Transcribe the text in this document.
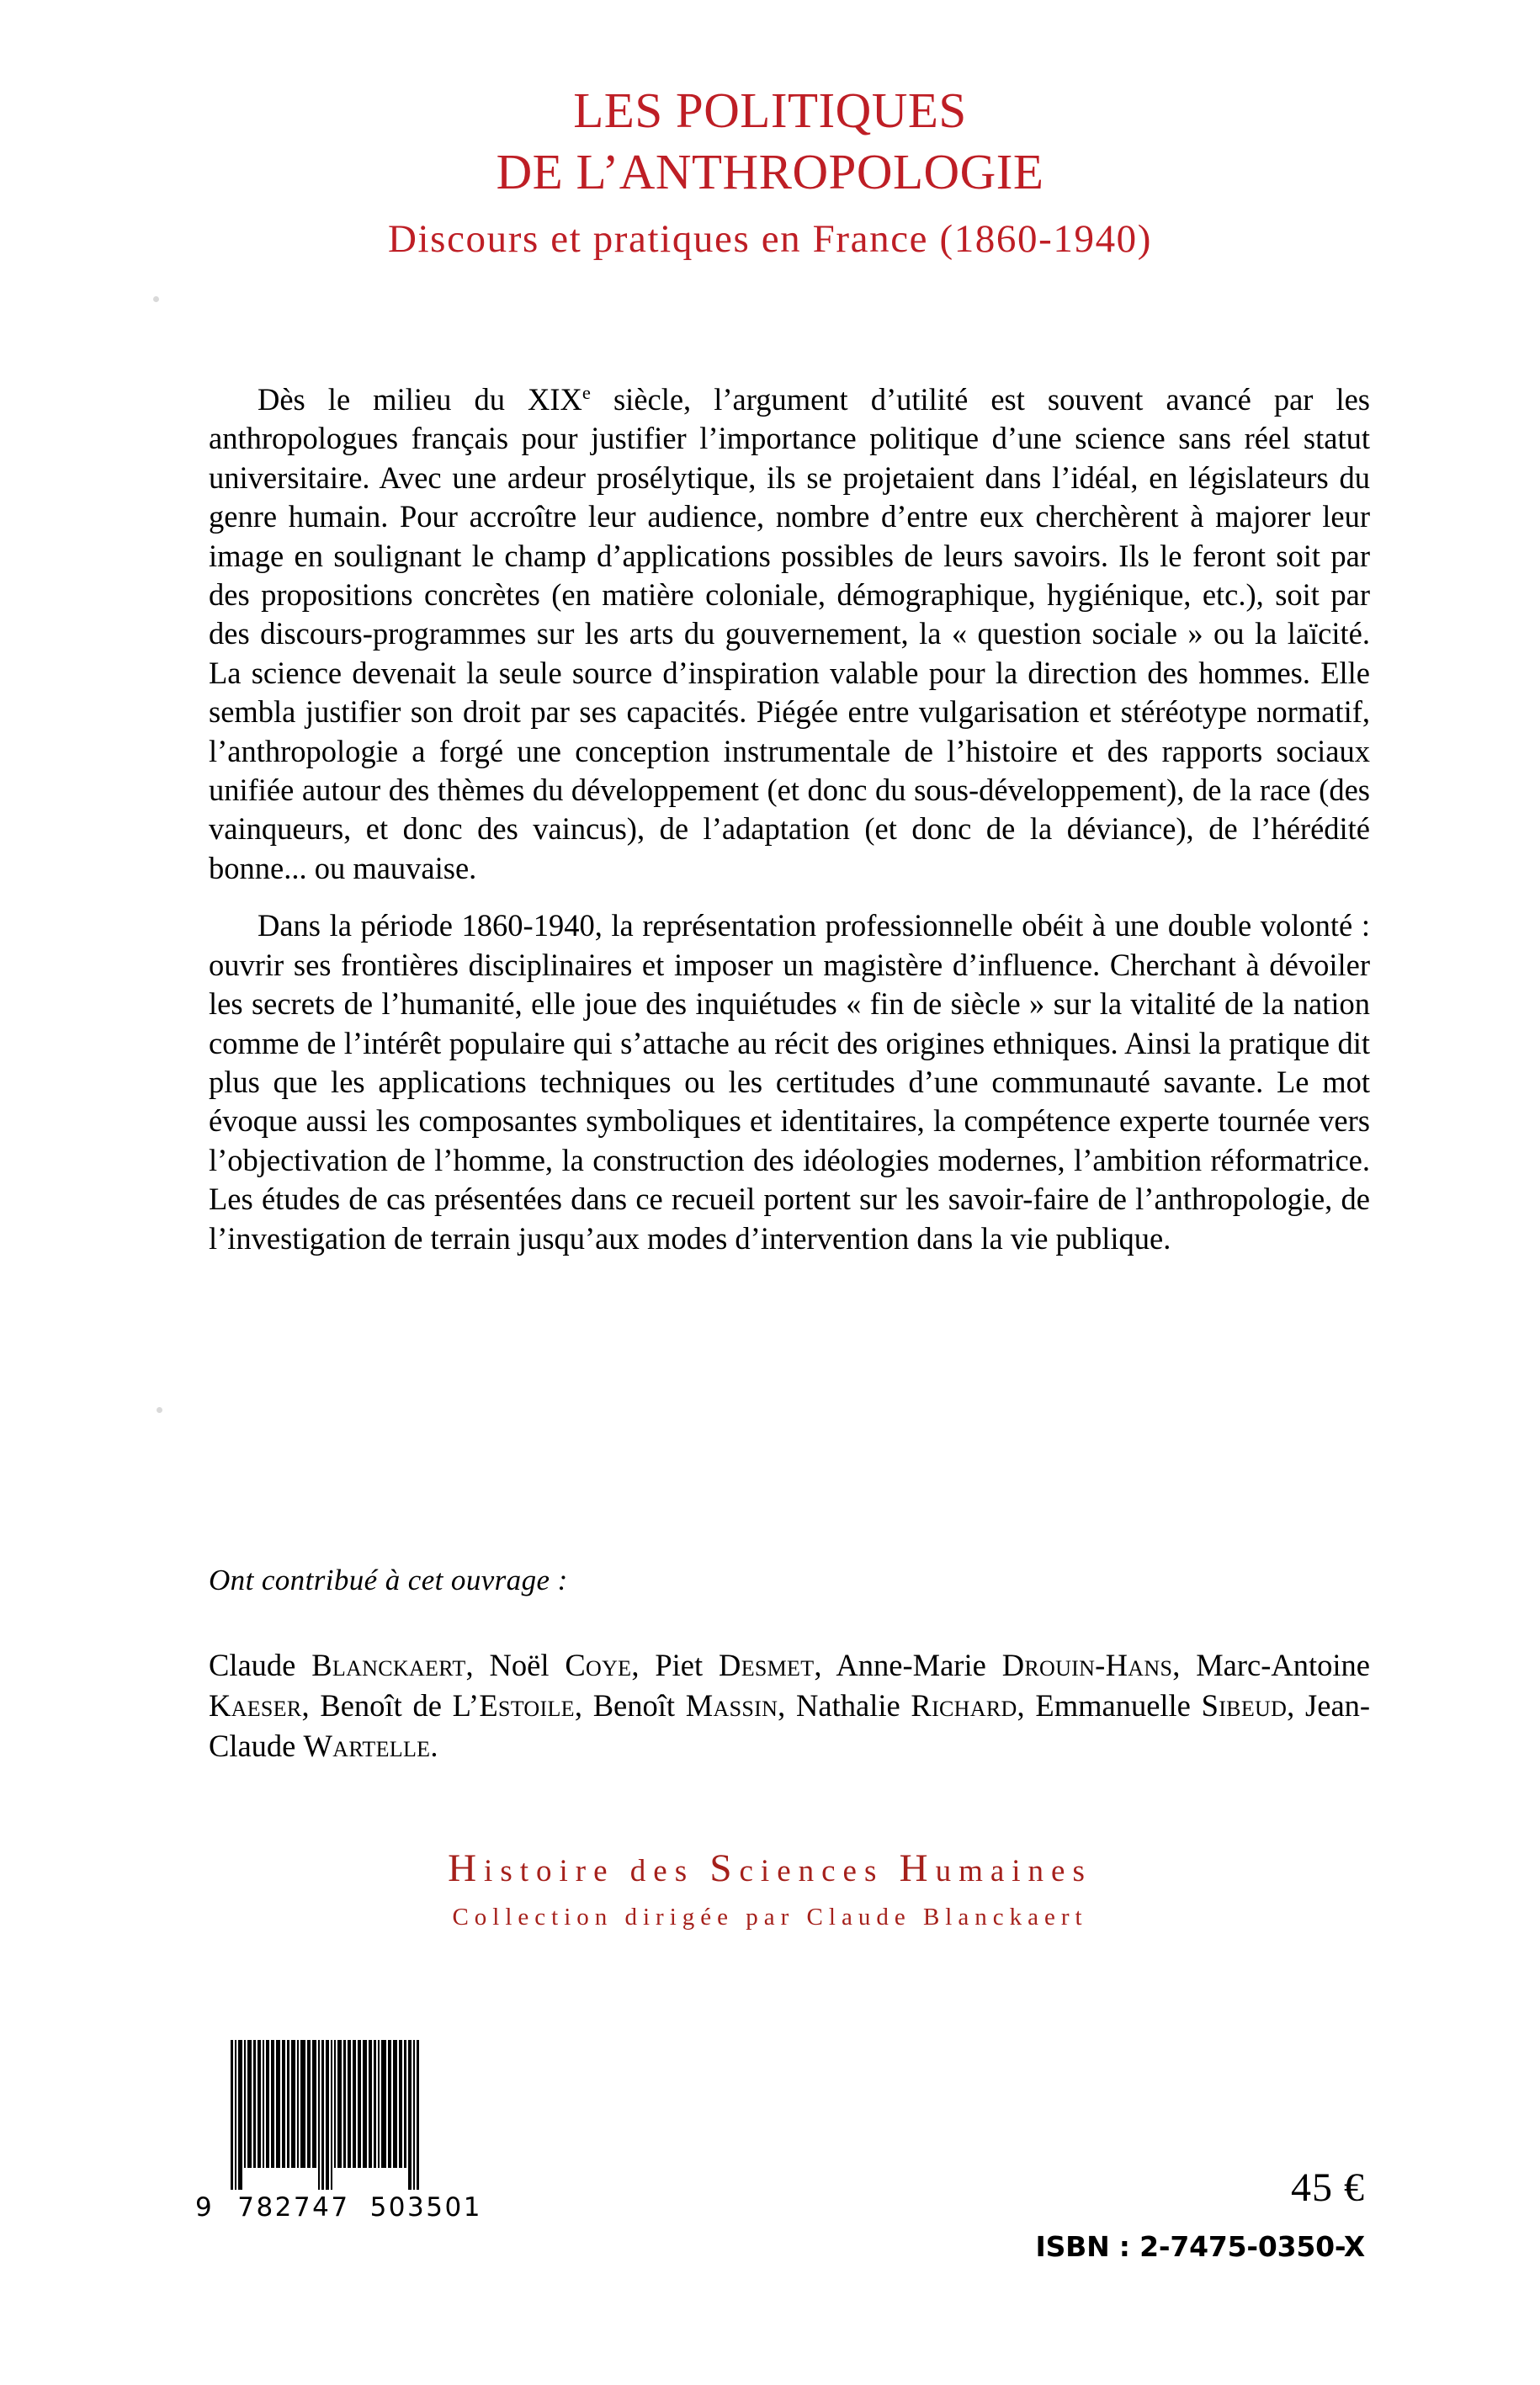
LES POLITIQUES
DE L’ANTHROPOLOGIE
Discours et pratiques en France (1860-1940)

Dès le milieu du XIXe siècle, l’argument d’utilité est souvent avancé par les anthropologues français pour justifier l’importance politique d’une science sans réel statut universitaire. Avec une ardeur prosélytique, ils se projetaient dans l’idéal, en législateurs du genre humain. Pour accroître leur audience, nombre d’entre eux cherchèrent à majorer leur image en soulignant le champ d’applications possibles de leurs savoirs. Ils le feront soit par des propositions concrètes (en matière coloniale, démographique, hygiénique, etc.), soit par des discours-programmes sur les arts du gouvernement, la « question sociale » ou la laïcité. La science devenait la seule source d’inspiration valable pour la direction des hommes. Elle sembla justifier son droit par ses capacités. Piégée entre vulgarisation et stéréotype normatif, l’anthropologie a forgé une conception instrumentale de l’histoire et des rapports sociaux unifiée autour des thèmes du développement (et donc du sous-développement), de la race (des vainqueurs, et donc des vaincus), de l’adaptation (et donc de la déviance), de l’hérédité bonne... ou mauvaise.

Dans la période 1860-1940, la représentation professionnelle obéit à une double volonté : ouvrir ses frontières disciplinaires et imposer un magistère d’influence. Cherchant à dévoiler les secrets de l’humanité, elle joue des inquiétudes « fin de siècle » sur la vitalité de la nation comme de l’intérêt populaire qui s’attache au récit des origines ethniques. Ainsi la pratique dit plus que les applications techniques ou les certitudes d’une communauté savante. Le mot évoque aussi les composantes symboliques et identitaires, la compétence experte tournée vers l’objectivation de l’homme, la construction des idéologies modernes, l’ambition réformatrice. Les études de cas présentées dans ce recueil portent sur les savoir-faire de l’anthropologie, de l’investigation de terrain jusqu’aux modes d’intervention dans la vie publique.

Ont contribué à cet ouvrage :
Claude Blanckaert, Noël Coye, Piet Desmet, Anne-Marie Drouin-Hans, Marc-Antoine Kaeser, Benoît de L’Estoile, Benoît Massin, Nathalie Richard, Emmanuelle Sibeud, Jean-Claude Wartelle.
Histoire des Sciences Humaines
Collection dirigée par Claude Blanckaert
9 782747 503501	45 €
ISBN : 2-7475-0350-X
